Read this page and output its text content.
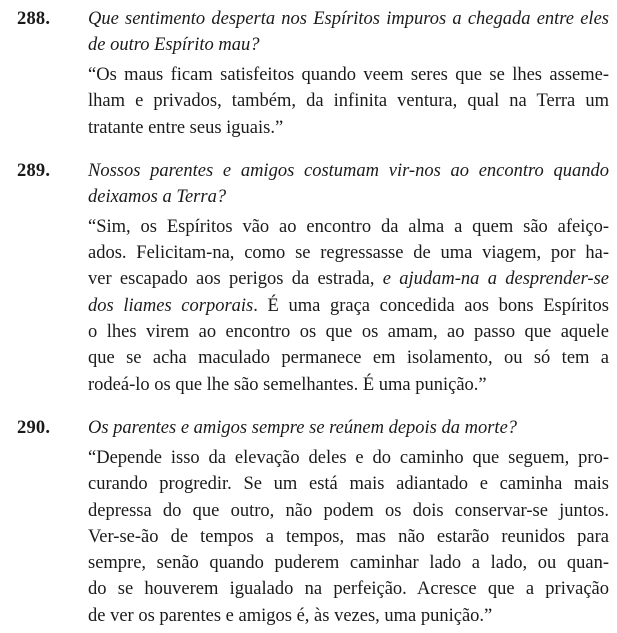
288.	Que sentimento desperta nos Espíritos impuros a chegada entre eles
de outro Espírito mau?
“Os maus ficam satisfeitos quando veem seres que se lhes asseme-
lham e privados, também, da infinita ventura, qual na Terra um
tratante entre seus iguais.”
289.	Nossos parentes e amigos costumam vir-nos ao encontro quando
deixamos a Terra?
“Sim, os Espíritos vão ao encontro da alma a quem são afeiço-
ados. Felicitam-na, como se regressasse de uma viagem, por ha-
ver escapado aos perigos da estrada, e ajudam-na a desprender-se
dos liames corporais. É uma graça concedida aos bons Espíritos
o lhes virem ao encontro os que os amam, ao passo que aquele
que se acha maculado permanece em isolamento, ou só tem a
rodeá-lo os que lhe são semelhantes. É uma punição.”
290.	Os parentes e amigos sempre se reúnem depois da morte?
“Depende isso da elevação deles e do caminho que seguem, pro-
curando progredir. Se um está mais adiantado e caminha mais
depressa do que outro, não podem os dois conservar-se juntos.
Ver-se-ão de tempos a tempos, mas não estarão reunidos para
sempre, senão quando puderem caminhar lado a lado, ou quan-
do se houverem igualado na perfeição. Acresce que a privação
de ver os parentes e amigos é, às vezes, uma punição.”
